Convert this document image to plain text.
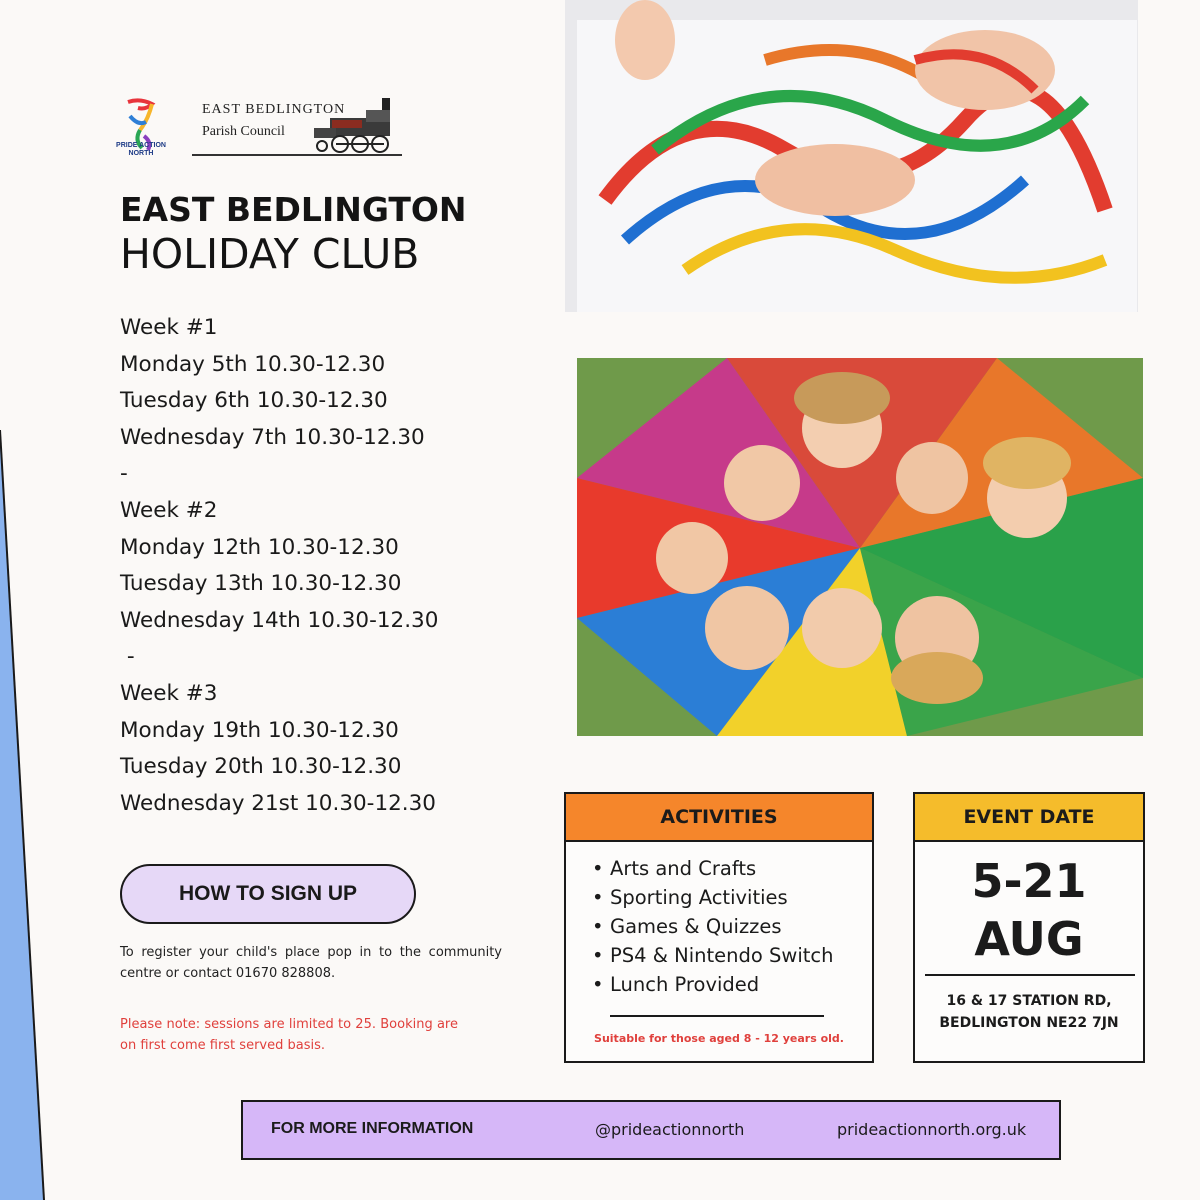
PRIDE ACTION
NORTH
EAST BEDLINGTON
Parish Council
EAST BEDLINGTON
HOLIDAY CLUB
Week #1
Monday 5th 10.30-12.30
Tuesday 6th 10.30-12.30
Wednesday 7th 10.30-12.30
-
Week #2
Monday 12th 10.30-12.30
Tuesday 13th 10.30-12.30
Wednesday 14th 10.30-12.30
-
Week #3
Monday 19th 10.30-12.30
Tuesday 20th 10.30-12.30
Wednesday 21st 10.30-12.30
HOW TO SIGN UP
To register your child's place pop in to the community centre or contact 01670 828808.
Please note: sessions are limited to 25. Booking are on first come first served basis.
ACTIVITIES
• Arts and Crafts
• Sporting Activities
• Games & Quizzes
• PS4 & Nintendo Switch
• Lunch Provided
Suitable for those aged 8 - 12 years old.
EVENT DATE
5-21
AUG
16 & 17 STATION RD,
BEDLINGTON NE22 7JN
FOR MORE INFORMATION	@prideactionnorth	prideactionnorth.org.uk
